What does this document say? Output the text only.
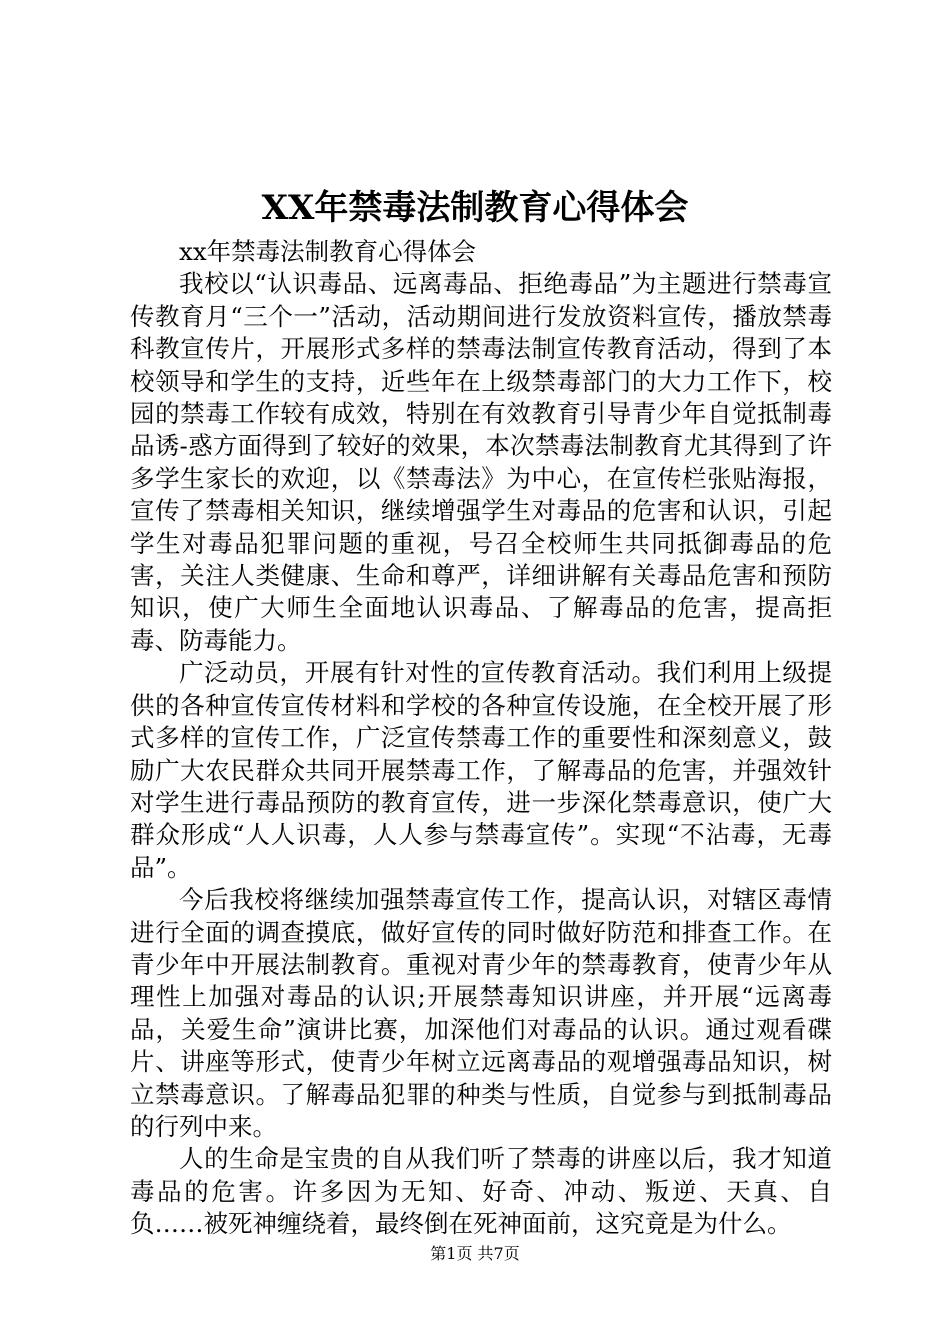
XX年禁毒法制教育心得体会

xx年禁毒法制教育心得体会

我校以“认识毒品、远离毒品、拒绝毒品”为主题进行禁毒宣传教育月“三个一”活动，活动期间进行发放资料宣传，播放禁毒科教宣传片，开展形式多样的禁毒法制宣传教育活动，得到了本校领导和学生的支持，近些年在上级禁毒部门的大力工作下，校园的禁毒工作较有成效，特别在有效教育引导青少年自觉抵制毒品诱-惑方面得到了较好的效果，本次禁毒法制教育尤其得到了许多学生家长的欢迎，以《禁毒法》为中心，在宣传栏张贴海报，宣传了禁毒相关知识，继续增强学生对毒品的危害和认识，引起学生对毒品犯罪问题的重视，号召全校师生共同抵御毒品的危害，关注人类健康、生命和尊严，详细讲解有关毒品危害和预防知识，使广大师生全面地认识毒品、了解毒品的危害，提高拒毒、防毒能力。

广泛动员，开展有针对性的宣传教育活动。我们利用上级提供的各种宣传宣传材料和学校的各种宣传设施，在全校开展了形式多样的宣传工作，广泛宣传禁毒工作的重要性和深刻意义，鼓励广大农民群众共同开展禁毒工作，了解毒品的危害，并强效针对学生进行毒品预防的教育宣传，进一步深化禁毒意识，使广大群众形成“人人识毒，人人参与禁毒宣传”。实现“不沾毒，无毒品”。

今后我校将继续加强禁毒宣传工作，提高认识，对辖区毒情进行全面的调查摸底，做好宣传的同时做好防范和排查工作。在青少年中开展法制教育。重视对青少年的禁毒教育，使青少年从理性上加强对毒品的认识;开展禁毒知识讲座，并开展“远离毒品，关爱生命”演讲比赛，加深他们对毒品的认识。通过观看碟片、讲座等形式，使青少年树立远离毒品的观增强毒品知识，树立禁毒意识。了解毒品犯罪的种类与性质，自觉参与到抵制毒品的行列中来。

人的生命是宝贵的自从我们听了禁毒的讲座以后，我才知道毒品的危害。许多因为无知、好奇、冲动、叛逆、天真、自负……被死神缠绕着，最终倒在死神面前，这究竟是为什么。

第1页 共7页
